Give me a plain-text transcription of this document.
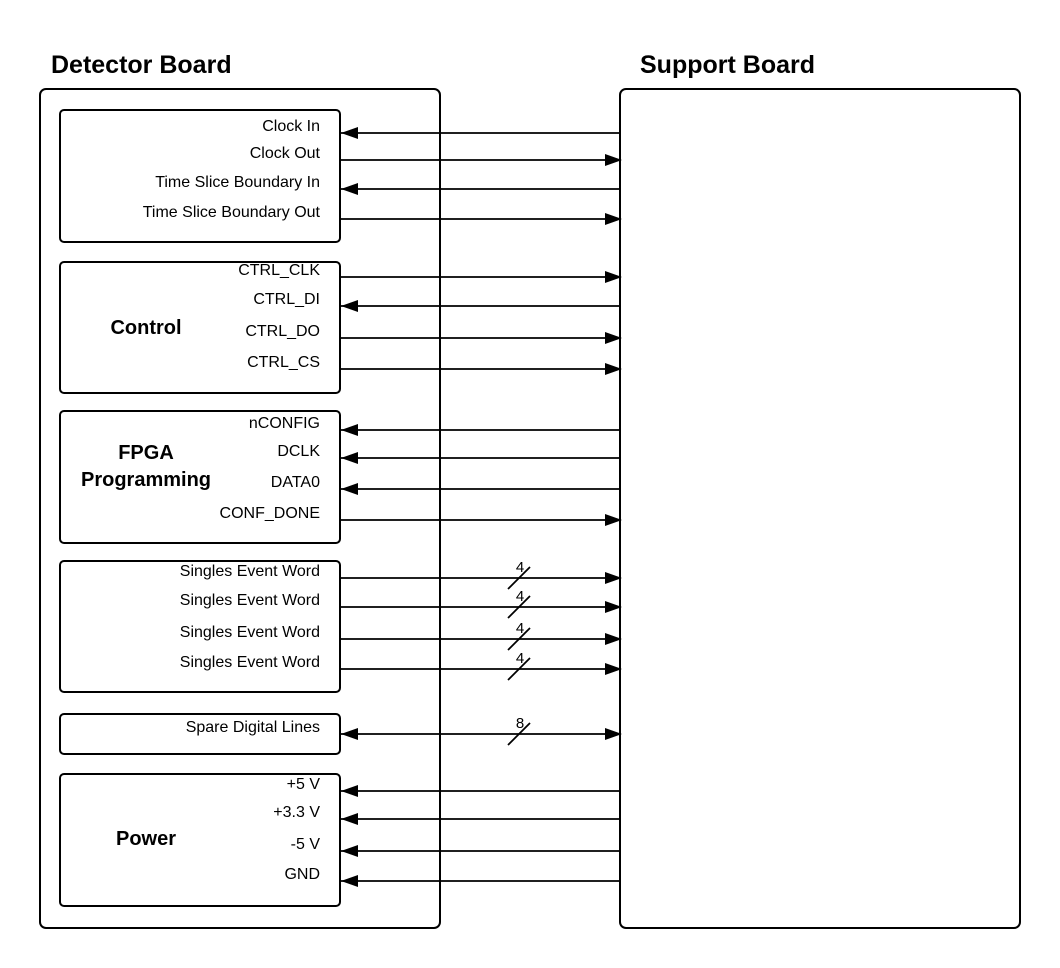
Detector Board	Support Board
Clock In
Clock Out
Time Slice Boundary In
Time Slice Boundary Out
Control
CTRL_CLK
CTRL_DI
CTRL_DO
CTRL_CS
FPGA
Programming
nCONFIG
DCLK
DATA0
CONF_DONE
Singles Event Word	4
Singles Event Word	4
Singles Event Word	4
Singles Event Word	4
Spare Digital Lines	8
Power
+5 V
+3.3 V
-5 V
GND
